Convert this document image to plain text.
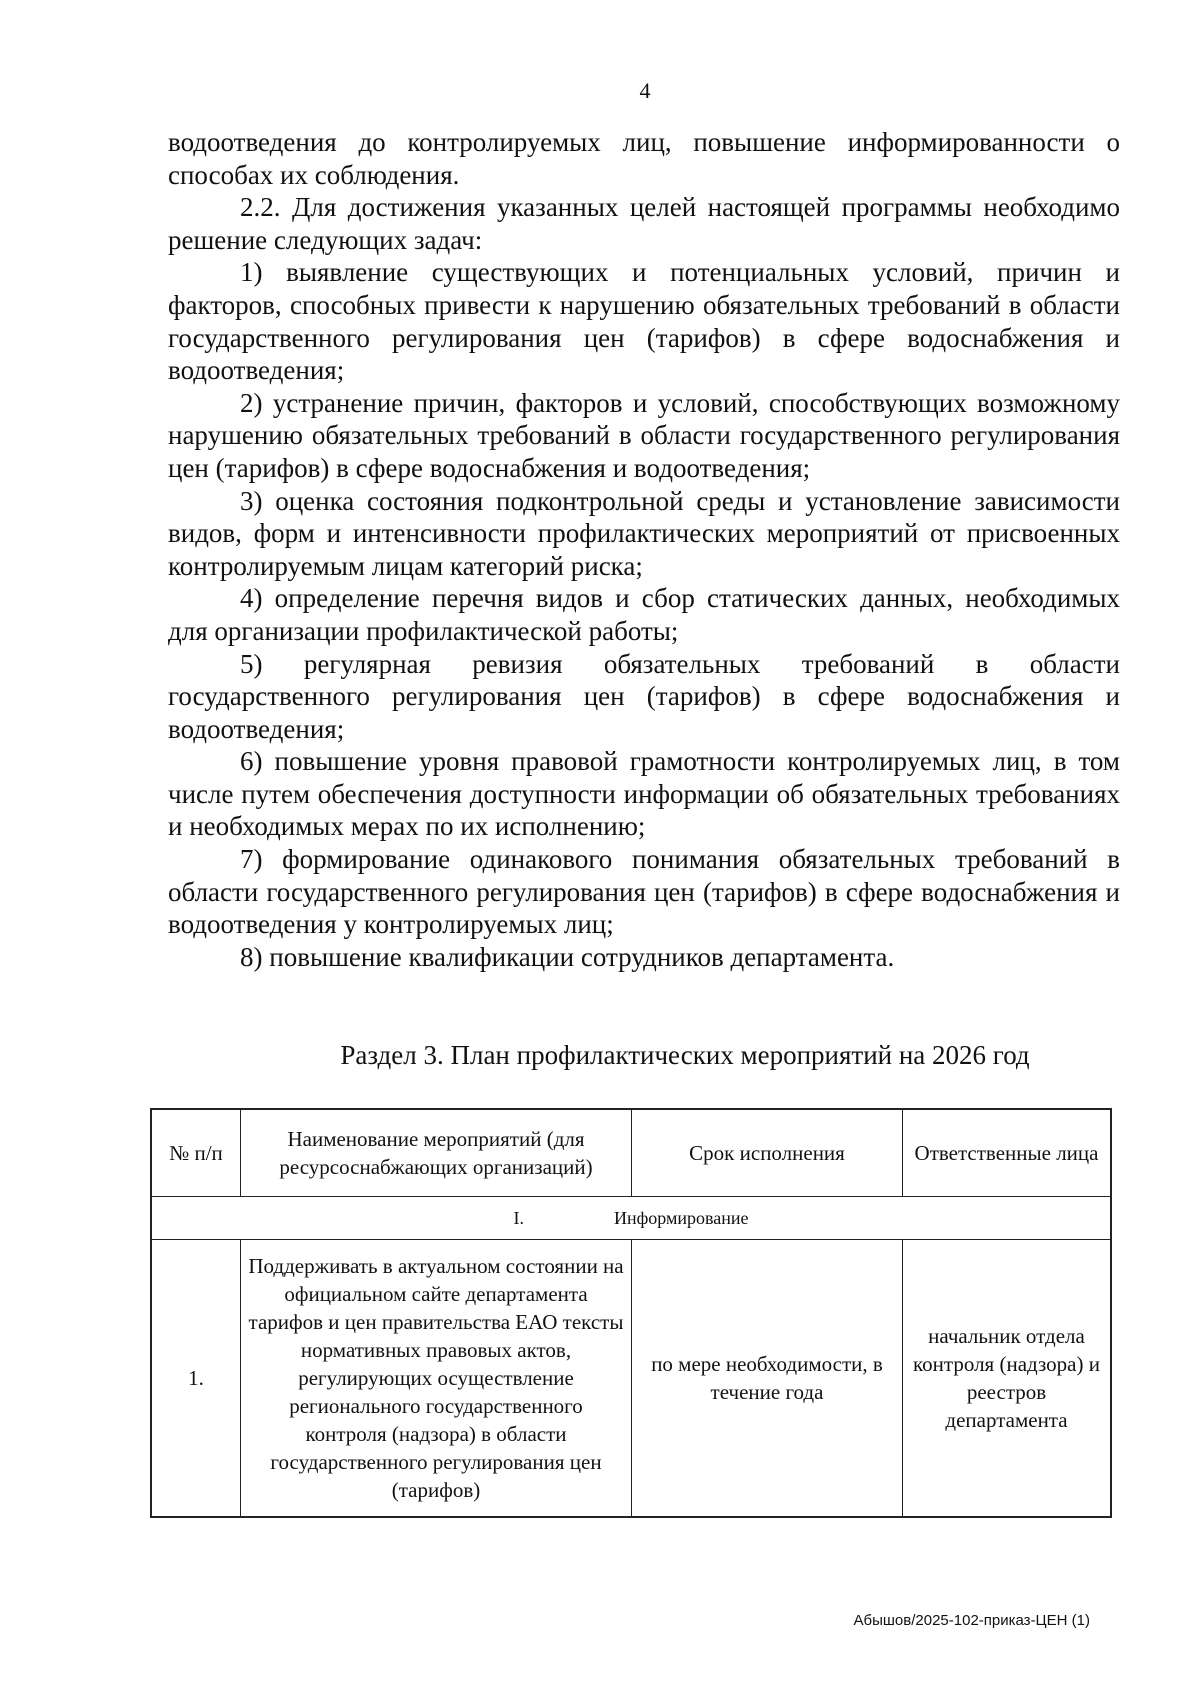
4

водоотведения до контролируемых лиц, повышение информированности о способах их соблюдения.

2.2. Для достижения указанных целей настоящей программы необходимо решение следующих задач:

1) выявление существующих и потенциальных условий, причин и факторов, способных привести к нарушению обязательных требований в области государственного регулирования цен (тарифов) в сфере водоснабжения и водоотведения;

2) устранение причин, факторов и условий, способствующих возможному нарушению обязательных требований в области государственного регулирования цен (тарифов) в сфере водоснабжения и водоотведения;

3) оценка состояния подконтрольной среды и установление зависимости видов, форм и интенсивности профилактических мероприятий от присвоенных контролируемым лицам категорий риска;

4) определение перечня видов и сбор статических данных, необходимых для организации профилактической работы;

5) регулярная ревизия обязательных требований в области государственного регулирования цен (тарифов) в сфере водоснабжения и водоотведения;

6) повышение уровня правовой грамотности контролируемых лиц, в том числе путем обеспечения доступности информации об обязательных требованиях и необходимых мерах по их исполнению;

7) формирование одинакового понимания обязательных требований в области государственного регулирования цен (тарифов) в сфере водоснабжения и водоотведения у контролируемых лиц;

8) повышение квалификации сотрудников департамента.

Раздел 3. План профилактических мероприятий на 2026 год
№ п/п	Наименование мероприятий (для ресурсоснабжающих организаций)	Срок исполнения	Ответственные лица
I. Информирование			
1.	Поддерживать в актуальном состоянии на официальном сайте департамента тарифов и цен правительства ЕАО тексты нормативных правовых актов, регулирующих осуществление регионального государственного контроля (надзора) в области государственного регулирования цен (тарифов)	по мере необходимости, в течение года	начальник отдела контроля (надзора) и реестров департамента
Абышов/2025-102-приказ-ЦЕН (1)
